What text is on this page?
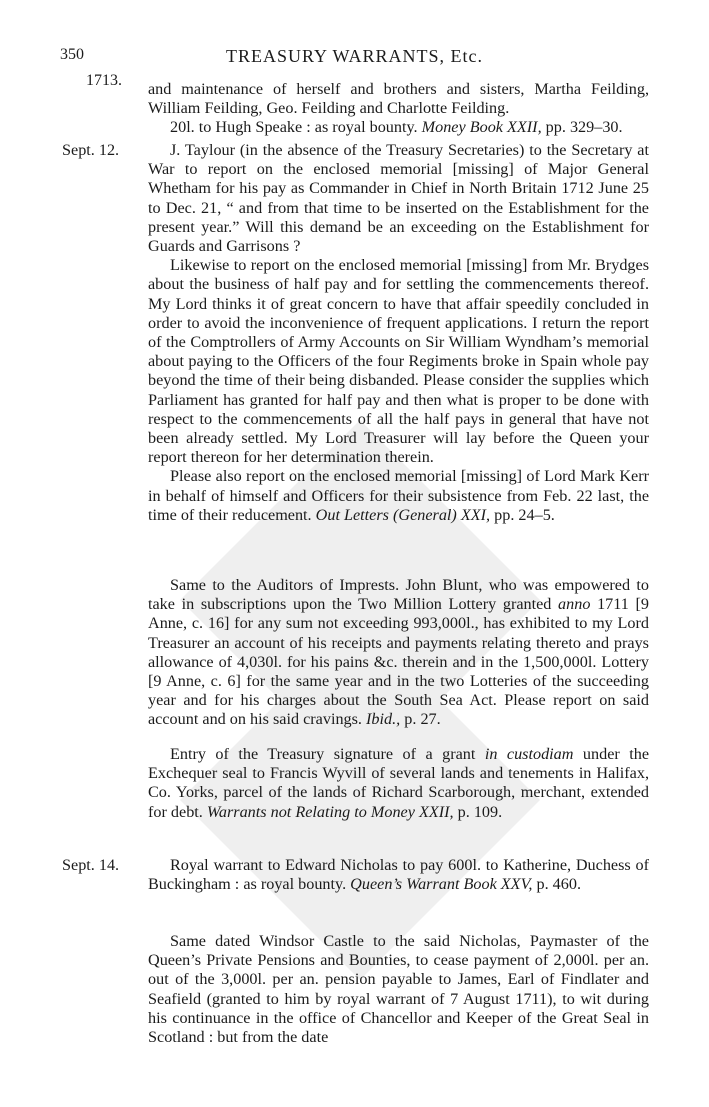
350	TREASURY WARRANTS, Etc.
1713. and maintenance of herself and brothers and sisters, Martha Feilding, William Feilding, Geo. Feilding and Charlotte Feilding.

20l. to Hugh Speake : as royal bounty. Money Book XXII, pp. 329–30.

Sept. 12.	J. Taylour (in the absence of the Treasury Secretaries) to the Secretary at War to report on the enclosed memorial [missing] of Major General Whetham for his pay as Commander in Chief in North Britain 1712 June 25 to Dec. 21, “ and from that time to be inserted on the Establishment for the present year.” Will this demand be an exceeding on the Establishment for Guards and Garrisons ?

Likewise to report on the enclosed memorial [missing] from Mr. Brydges about the business of half pay and for settling the commencements thereof. My Lord thinks it of great concern to have that affair speedily concluded in order to avoid the inconvenience of frequent applications. I return the report of the Comptrollers of Army Accounts on Sir William Wyndham’s memorial about paying to the Officers of the four Regiments broke in Spain whole pay beyond the time of their being disbanded. Please consider the supplies which Parliament has granted for half pay and then what is proper to be done with respect to the commencements of all the half pays in general that have not been already settled. My Lord Treasurer will lay before the Queen your report thereon for her determination therein.

Please also report on the enclosed memorial [missing] of Lord Mark Kerr in behalf of himself and Officers for their subsistence from Feb. 22 last, the time of their reducement. Out Letters (General) XXI, pp. 24–5.

Same to the Auditors of Imprests. John Blunt, who was empowered to take in subscriptions upon the Two Million Lottery granted anno 1711 [9 Anne, c. 16] for any sum not exceeding 993,000l., has exhibited to my Lord Treasurer an account of his receipts and payments relating thereto and prays allowance of 4,030l. for his pains &c. therein and in the 1,500,000l. Lottery [9 Anne, c. 6] for the same year and in the two Lotteries of the succeeding year and for his charges about the South Sea Act. Please report on said account and on his said cravings. Ibid., p. 27.

Entry of the Treasury signature of a grant in custodiam under the Exchequer seal to Francis Wyvill of several lands and tenements in Halifax, Co. Yorks, parcel of the lands of Richard Scarborough, merchant, extended for debt. Warrants not Relating to Money XXII, p. 109.

Sept. 14.	Royal warrant to Edward Nicholas to pay 600l. to Katherine, Duchess of Buckingham : as royal bounty. Queen’s Warrant Book XXV, p. 460.

Same dated Windsor Castle to the said Nicholas, Paymaster of the Queen’s Private Pensions and Bounties, to cease payment of 2,000l. per an. out of the 3,000l. per an. pension payable to James, Earl of Findlater and Seafield (granted to him by royal warrant of 7 August 1711), to wit during his continuance in the office of Chancellor and Keeper of the Great Seal in Scotland : but from the date
